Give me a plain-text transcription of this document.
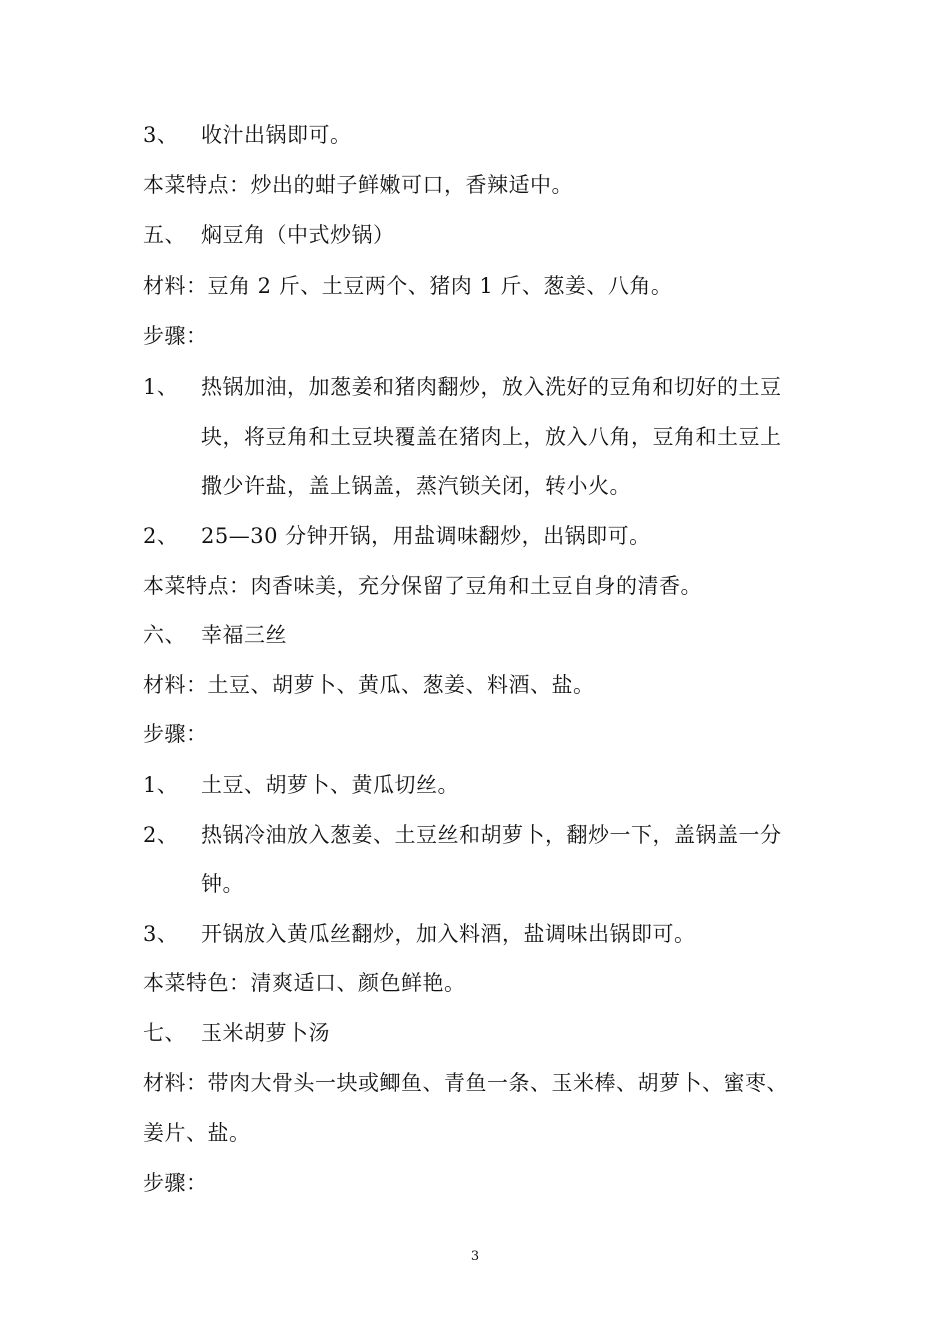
3、 收汁出锅即可。
本菜特点：炒出的蚶子鲜嫩可口，香辣适中。
五、 焖豆角（中式炒锅）
材料：豆角 2 斤、土豆两个、猪肉 1 斤、葱姜、八角。
步骤：
1、 热锅加油，加葱姜和猪肉翻炒，放入洗好的豆角和切好的土豆
块，将豆角和土豆块覆盖在猪肉上，放入八角，豆角和土豆上
撒少许盐，盖上锅盖，蒸汽锁关闭，转小火。
2、 25—30 分钟开锅，用盐调味翻炒，出锅即可。
本菜特点：肉香味美，充分保留了豆角和土豆自身的清香。
六、 幸福三丝
材料：土豆、胡萝卜、黄瓜、葱姜、料酒、盐。
步骤：
1、 土豆、胡萝卜、黄瓜切丝。
2、 热锅冷油放入葱姜、土豆丝和胡萝卜，翻炒一下，盖锅盖一分
钟。
3、 开锅放入黄瓜丝翻炒，加入料酒，盐调味出锅即可。
本菜特色：清爽适口、颜色鲜艳。
七、 玉米胡萝卜汤
材料：带肉大骨头一块或鲫鱼、青鱼一条、玉米棒、胡萝卜、蜜枣、
姜片、盐。
步骤：
3
